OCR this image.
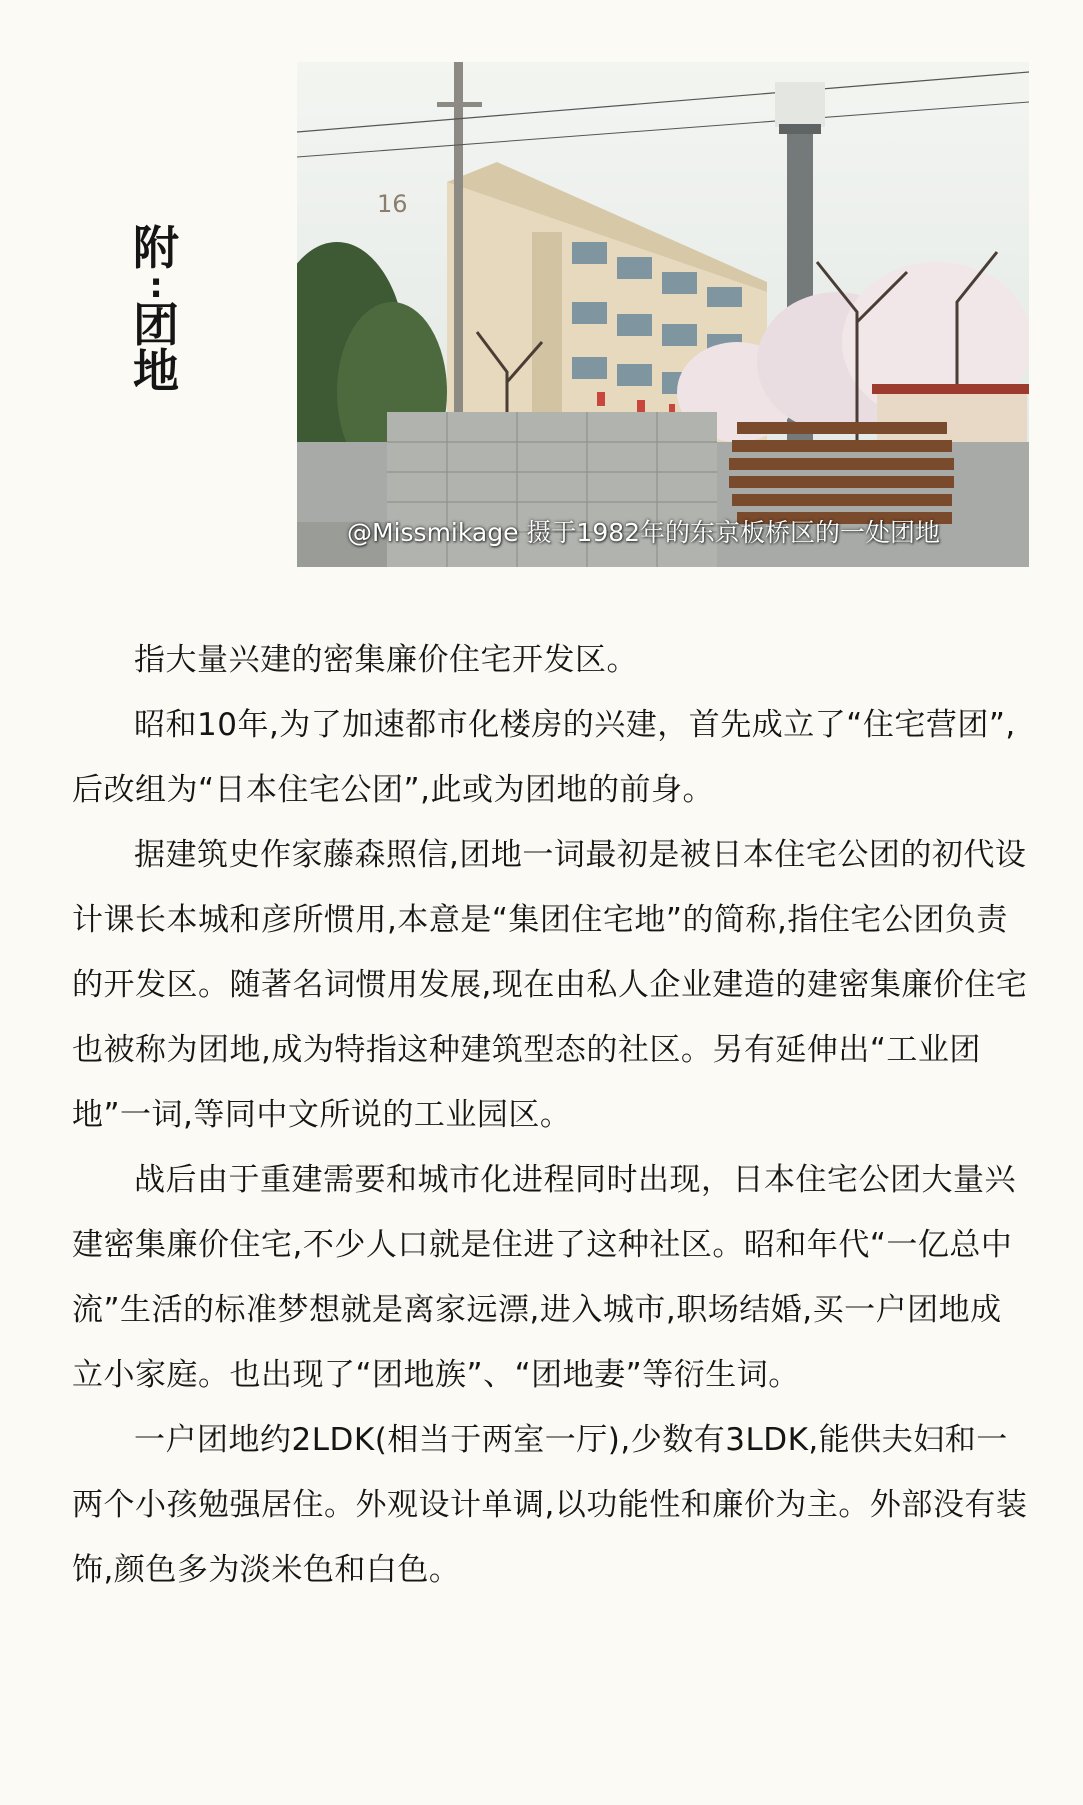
附
:
团
地
16
@Missmikage 摄于1982年的东京板桥区的一处团地

指大量兴建的密集廉价住宅开发区。

昭和10年,为了加速都市化楼房的兴建，首先成立了“住宅营团”,后改组为“日本住宅公团”,此或为团地的前身。

据建筑史作家藤森照信,团地一词最初是被日本住宅公团的初代设计课长本城和彦所惯用,本意是“集团住宅地”的简称,指住宅公团负责的开发区。随著名词惯用发展,现在由私人企业建造的建密集廉价住宅也被称为团地,成为特指这种建筑型态的社区。另有延伸出“工业团地”一词,等同中文所说的工业园区。

战后由于重建需要和城市化进程同时出现，日本住宅公团大量兴建密集廉价住宅,不少人口就是住进了这种社区。昭和年代“一亿总中流”生活的标准梦想就是离家远漂,进入城市,职场结婚,买一户团地成立小家庭。也出现了“团地族”、“团地妻”等衍生词。

一户团地约2LDK(相当于两室一厅),少数有3LDK,能供夫妇和一两个小孩勉强居住。外观设计单调,以功能性和廉价为主。外部没有装饰,颜色多为淡米色和白色。
